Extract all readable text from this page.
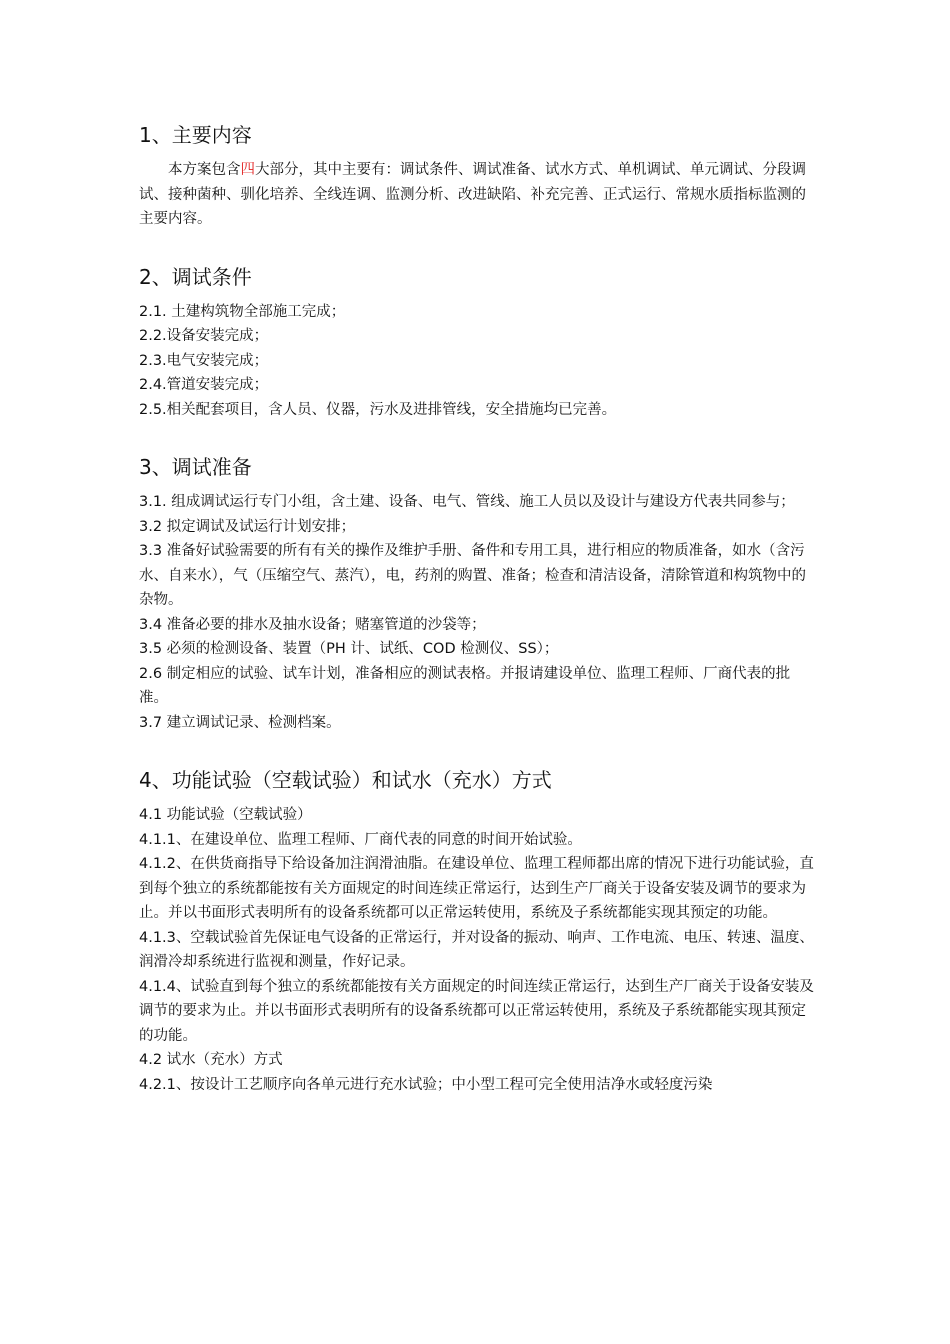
1、主要内容

本方案包含四大部分，其中主要有：调试条件、调试准备、试水方式、单机调试、单元调试、分段调试、接种菌种、驯化培养、全线连调、监测分析、改进缺陷、补充完善、正式运行、常规水质指标监测的主要内容。

2、调试条件

2.1. 土建构筑物全部施工完成；

2.2.设备安装完成；

2.3.电气安装完成；

2.4.管道安装完成；

2.5.相关配套项目，含人员、仪器，污水及进排管线，安全措施均已完善。

3、调试准备

3.1. 组成调试运行专门小组，含土建、设备、电气、管线、施工人员以及设计与建设方代表共同参与；

3.2 拟定调试及试运行计划安排；

3.3 准备好试验需要的所有有关的操作及维护手册、备件和专用工具，进行相应的物质准备，如水（含污水、自来水），气（压缩空气、蒸汽），电，药剂的购置、准备；检查和清洁设备，清除管道和构筑物中的杂物。

3.4 准备必要的排水及抽水设备；赌塞管道的沙袋等；

3.5 必须的检测设备、装置（PH 计、试纸、COD 检测仪、SS）；

2.6 制定相应的试验、试车计划，准备相应的测试表格。并报请建设单位、监理工程师、厂商代表的批准。

3.7 建立调试记录、检测档案。

4、功能试验（空载试验）和试水（充水）方式

4.1 功能试验（空载试验）

4.1.1、在建设单位、监理工程师、厂商代表的同意的时间开始试验。

4.1.2、在供货商指导下给设备加注润滑油脂。在建设单位、监理工程师都出席的情况下进行功能试验，直到每个独立的系统都能按有关方面规定的时间连续正常运行，达到生产厂商关于设备安装及调节的要求为止。并以书面形式表明所有的设备系统都可以正常运转使用，系统及子系统都能实现其预定的功能。

4.1.3、空载试验首先保证电气设备的正常运行，并对设备的振动、响声、工作电流、电压、转速、温度、润滑冷却系统进行监视和测量，作好记录。

4.1.4、试验直到每个独立的系统都能按有关方面规定的时间连续正常运行，达到生产厂商关于设备安装及调节的要求为止。并以书面形式表明所有的设备系统都可以正常运转使用，系统及子系统都能实现其预定的功能。

4.2 试水（充水）方式

4.2.1、按设计工艺顺序向各单元进行充水试验；中小型工程可完全使用洁净水或轻度污染
